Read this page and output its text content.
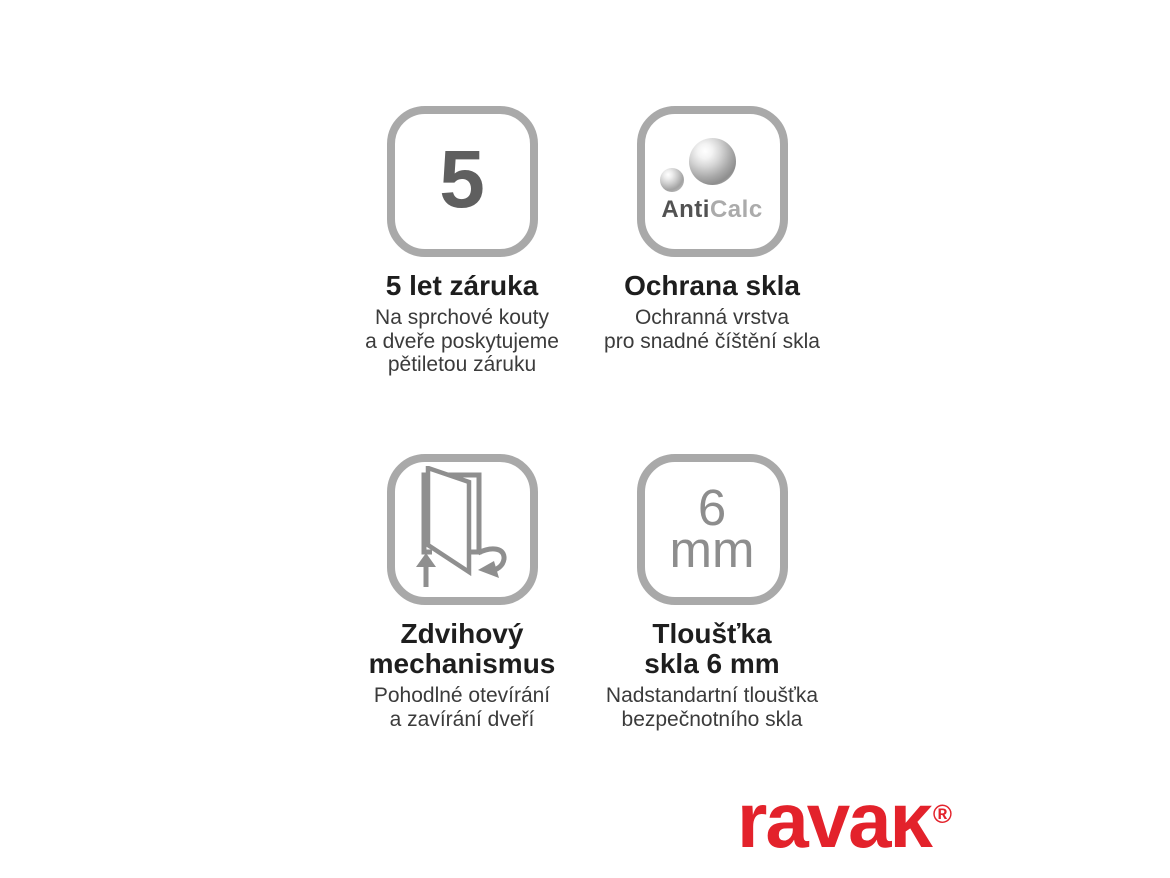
5
5 let záruka
Na sprchové kouty
a dveře poskytujeme
pětiletou záruku
AntiCalc
Ochrana skla
Ochranná vrstva
pro snadné číštění skla
Zdvihový
mechanismus
Pohodlné otevírání
a zavírání dveří
6
mm
Tloušťka
skla 6 mm
Nadstandartní tloušťka
bezpečnotního skla
ravaĸ®
